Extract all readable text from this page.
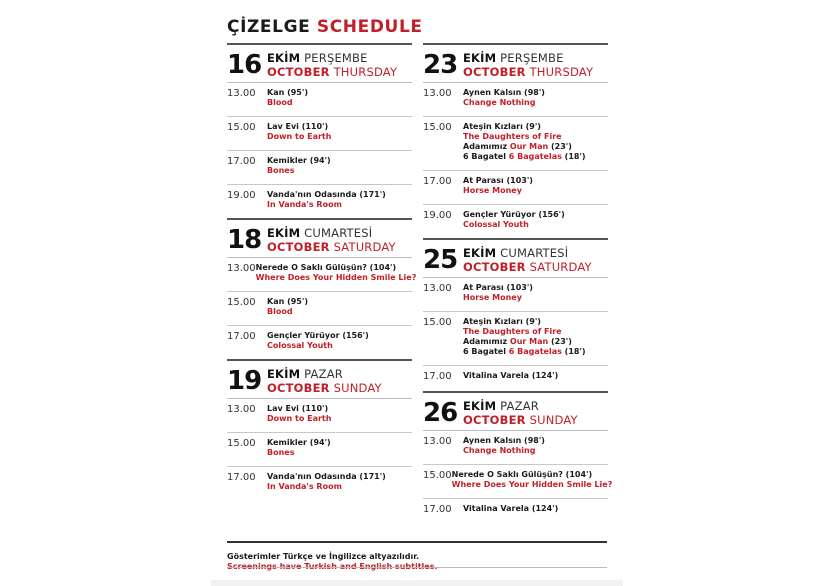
ÇİZELGE SCHEDULE
16 EKİM PERŞEMBE
OCTOBER THURSDAY
13.00	Kan (95')
Blood
15.00	Lav Evi (110')
Down to Earth
17.00	Kemikler (94')
Bones
19.00	Vanda'nın Odasında (171')
In Vanda's Room
18 EKİM CUMARTESİ
OCTOBER SATURDAY
13.00 Nerede O Saklı Gülüşün? (104')
Where Does Your Hidden Smile Lie?
15.00	Kan (95')
Blood
17.00	Gençler Yürüyor (156')
Colossal Youth
19 EKİM PAZAR
OCTOBER SUNDAY
13.00	Lav Evi (110')
Down to Earth
15.00	Kemikler (94')
Bones
17.00	Vanda'nın Odasında (171')
In Vanda's Room
23 EKİM PERŞEMBE
OCTOBER THURSDAY
13.00	Aynen Kalsın (98')
Change Nothing
15.00	Ateşin Kızları (9')
The Daughters of Fire
Adamımız Our Man (23')
6 Bagatel 6 Bagatelas (18')
17.00	At Parası (103')
Horse Money
19.00	Gençler Yürüyor (156')
Colossal Youth
25 EKİM CUMARTESİ
OCTOBER SATURDAY
13.00	At Parası (103')
Horse Money
15.00	Ateşin Kızları (9')
The Daughters of Fire
Adamımız Our Man (23')
6 Bagatel 6 Bagatelas (18')
17.00	Vitalina Varela (124')
26 EKİM PAZAR
OCTOBER SUNDAY
13.00	Aynen Kalsın (98')
Change Nothing
15.00 Nerede O Saklı Gülüşün? (104')
Where Does Your Hidden Smile Lie?
17.00	Vitalina Varela (124')
Gösterimler Türkçe ve İngilizce altyazılıdır.
Screenings have Turkish and English subtitles.
